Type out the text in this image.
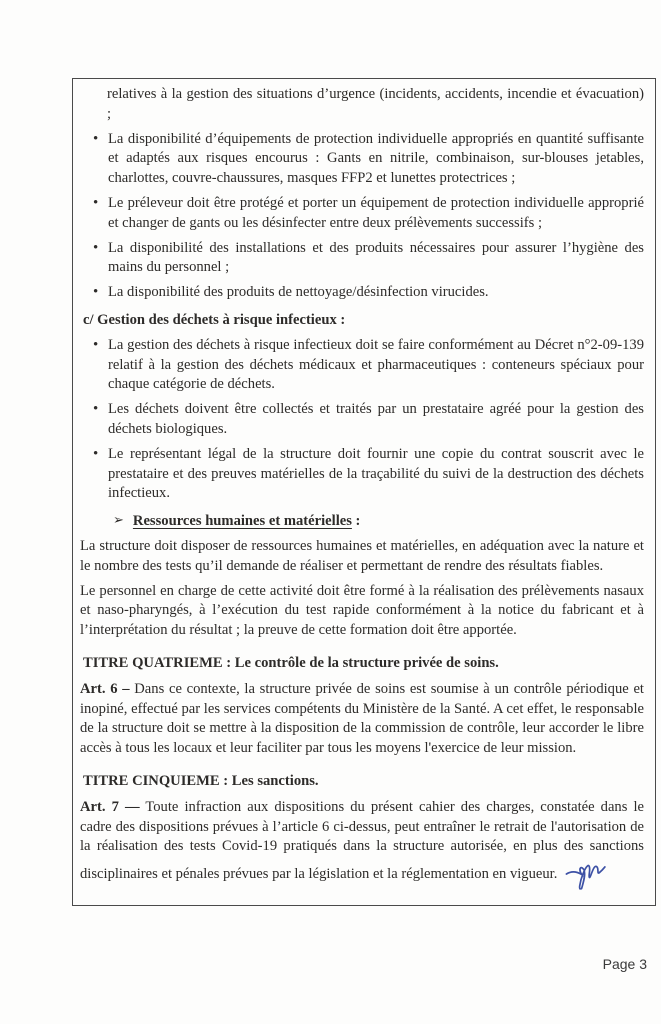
relatives à la gestion des situations d’urgence (incidents, accidents, incendie et évacuation) ;

• La disponibilité d’équipements de protection individuelle appropriés en quantité suffisante et adaptés aux risques encourus : Gants en nitrile, combinaison, sur-blouses jetables, charlottes, couvre-chaussures, masques FFP2 et lunettes protectrices ;
• Le préleveur doit être protégé et porter un équipement de protection individuelle approprié et changer de gants ou les désinfecter entre deux prélèvements successifs ;
• La disponibilité des installations et des produits nécessaires pour assurer l’hygiène des mains du personnel ;
• La disponibilité des produits de nettoyage/désinfection virucides.

c/ Gestion des déchets à risque infectieux :

• La gestion des déchets à risque infectieux doit se faire conformément au Décret n°2-09-139 relatif à la gestion des déchets médicaux et pharmaceutiques : conteneurs spéciaux pour chaque catégorie de déchets.
• Les déchets doivent être collectés et traités par un prestataire agréé pour la gestion des déchets biologiques.
• Le représentant légal de la structure doit fournir une copie du contrat souscrit avec le prestataire et des preuves matérielles de la traçabilité du suivi de la destruction des déchets infectieux.

➢ Ressources humaines et matérielles :

La structure doit disposer de ressources humaines et matérielles, en adéquation avec la nature et le nombre des tests qu’il demande de réaliser et permettant de rendre des résultats fiables.

Le personnel en charge de cette activité doit être formé à la réalisation des prélèvements nasaux et naso-pharyngés, à l’exécution du test rapide conformément à la notice du fabricant et à l’interprétation du résultat ; la preuve de cette formation doit être apportée.

TITRE QUATRIEME : Le contrôle de la structure privée de soins.

Art. 6 – Dans ce contexte, la structure privée de soins est soumise à un contrôle périodique et inopiné, effectué par les services compétents du Ministère de la Santé. A cet effet, le responsable de la structure doit se mettre à la disposition de la commission de contrôle, leur accorder le libre accès à tous les locaux et leur faciliter par tous les moyens l'exercice de leur mission.

TITRE CINQUIEME : Les sanctions.

Art. 7 — Toute infraction aux dispositions du présent cahier des charges, constatée dans le cadre des dispositions prévues à l’article 6 ci-dessus, peut entraîner le retrait de l'autorisation de la réalisation des tests Covid-19 pratiqués dans la structure autorisée, en plus des sanctions disciplinaires et pénales prévues par la législation et la réglementation en vigueur.

Page 3
